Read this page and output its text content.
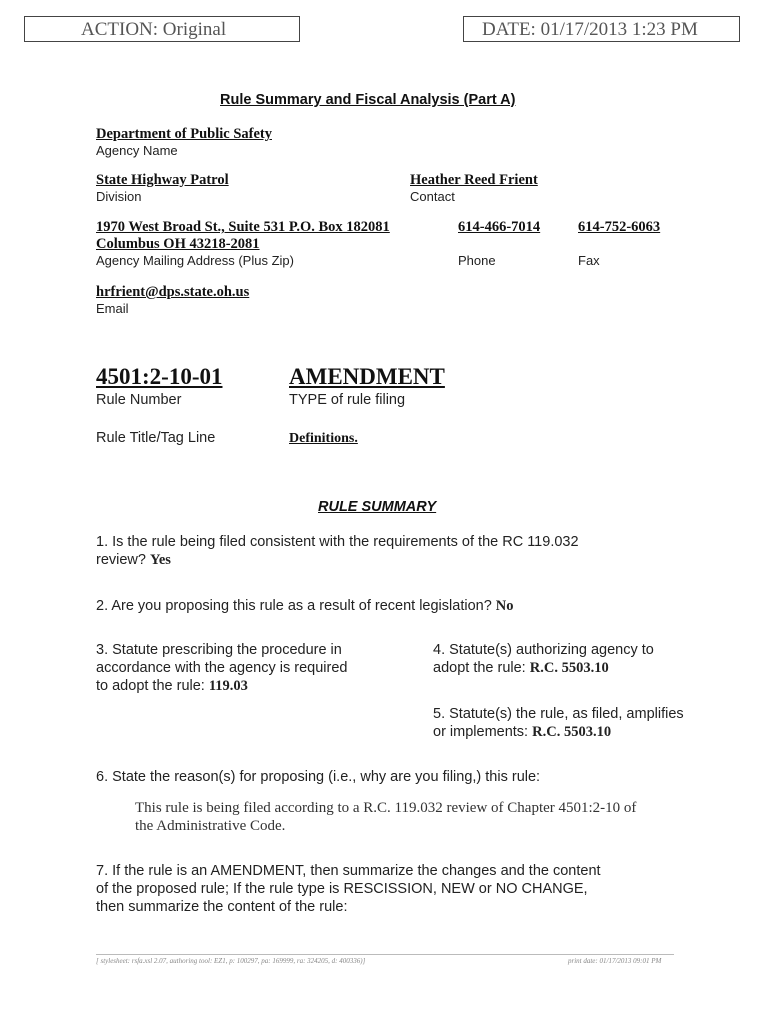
ACTION: Original	DATE: 01/17/2013 1:23 PM
Rule Summary and Fiscal Analysis (Part A)
Department of Public Safety
Agency Name
State Highway Patrol
Division
Heather Reed Frient
Contact
1970 West Broad St., Suite 531 P.O. Box 182081
Columbus OH 43218-2081
Agency Mailing Address (Plus Zip)
614-466-7014
Phone
614-752-6063
Fax
hrfrient@dps.state.oh.us
Email
4501:2-10-01
Rule Number
AMENDMENT
TYPE of rule filing
Rule Title/Tag Line	Definitions.
RULE SUMMARY
1. Is the rule being filed consistent with the requirements of the RC 119.032
review? Yes
2. Are you proposing this rule as a result of recent legislation? No
3. Statute prescribing the procedure in
accordance with the agency is required
to adopt the rule: 119.03
4. Statute(s) authorizing agency to
adopt the rule: R.C. 5503.10
5. Statute(s) the rule, as filed, amplifies
or implements: R.C. 5503.10
6. State the reason(s) for proposing (i.e., why are you filing,) this rule:
This rule is being filed according to a R.C. 119.032 review of Chapter 4501:2-10 of
the Administrative Code.
7. If the rule is an AMENDMENT, then summarize the changes and the content
of the proposed rule; If the rule type is RESCISSION, NEW or NO CHANGE,
then summarize the content of the rule:
[ stylesheet: rsfa.xsl 2.07, authoring tool: EZ1, p: 100297, pa: 169999, ra: 324205, d: 400336)]	print date: 01/17/2013 09:01 PM
